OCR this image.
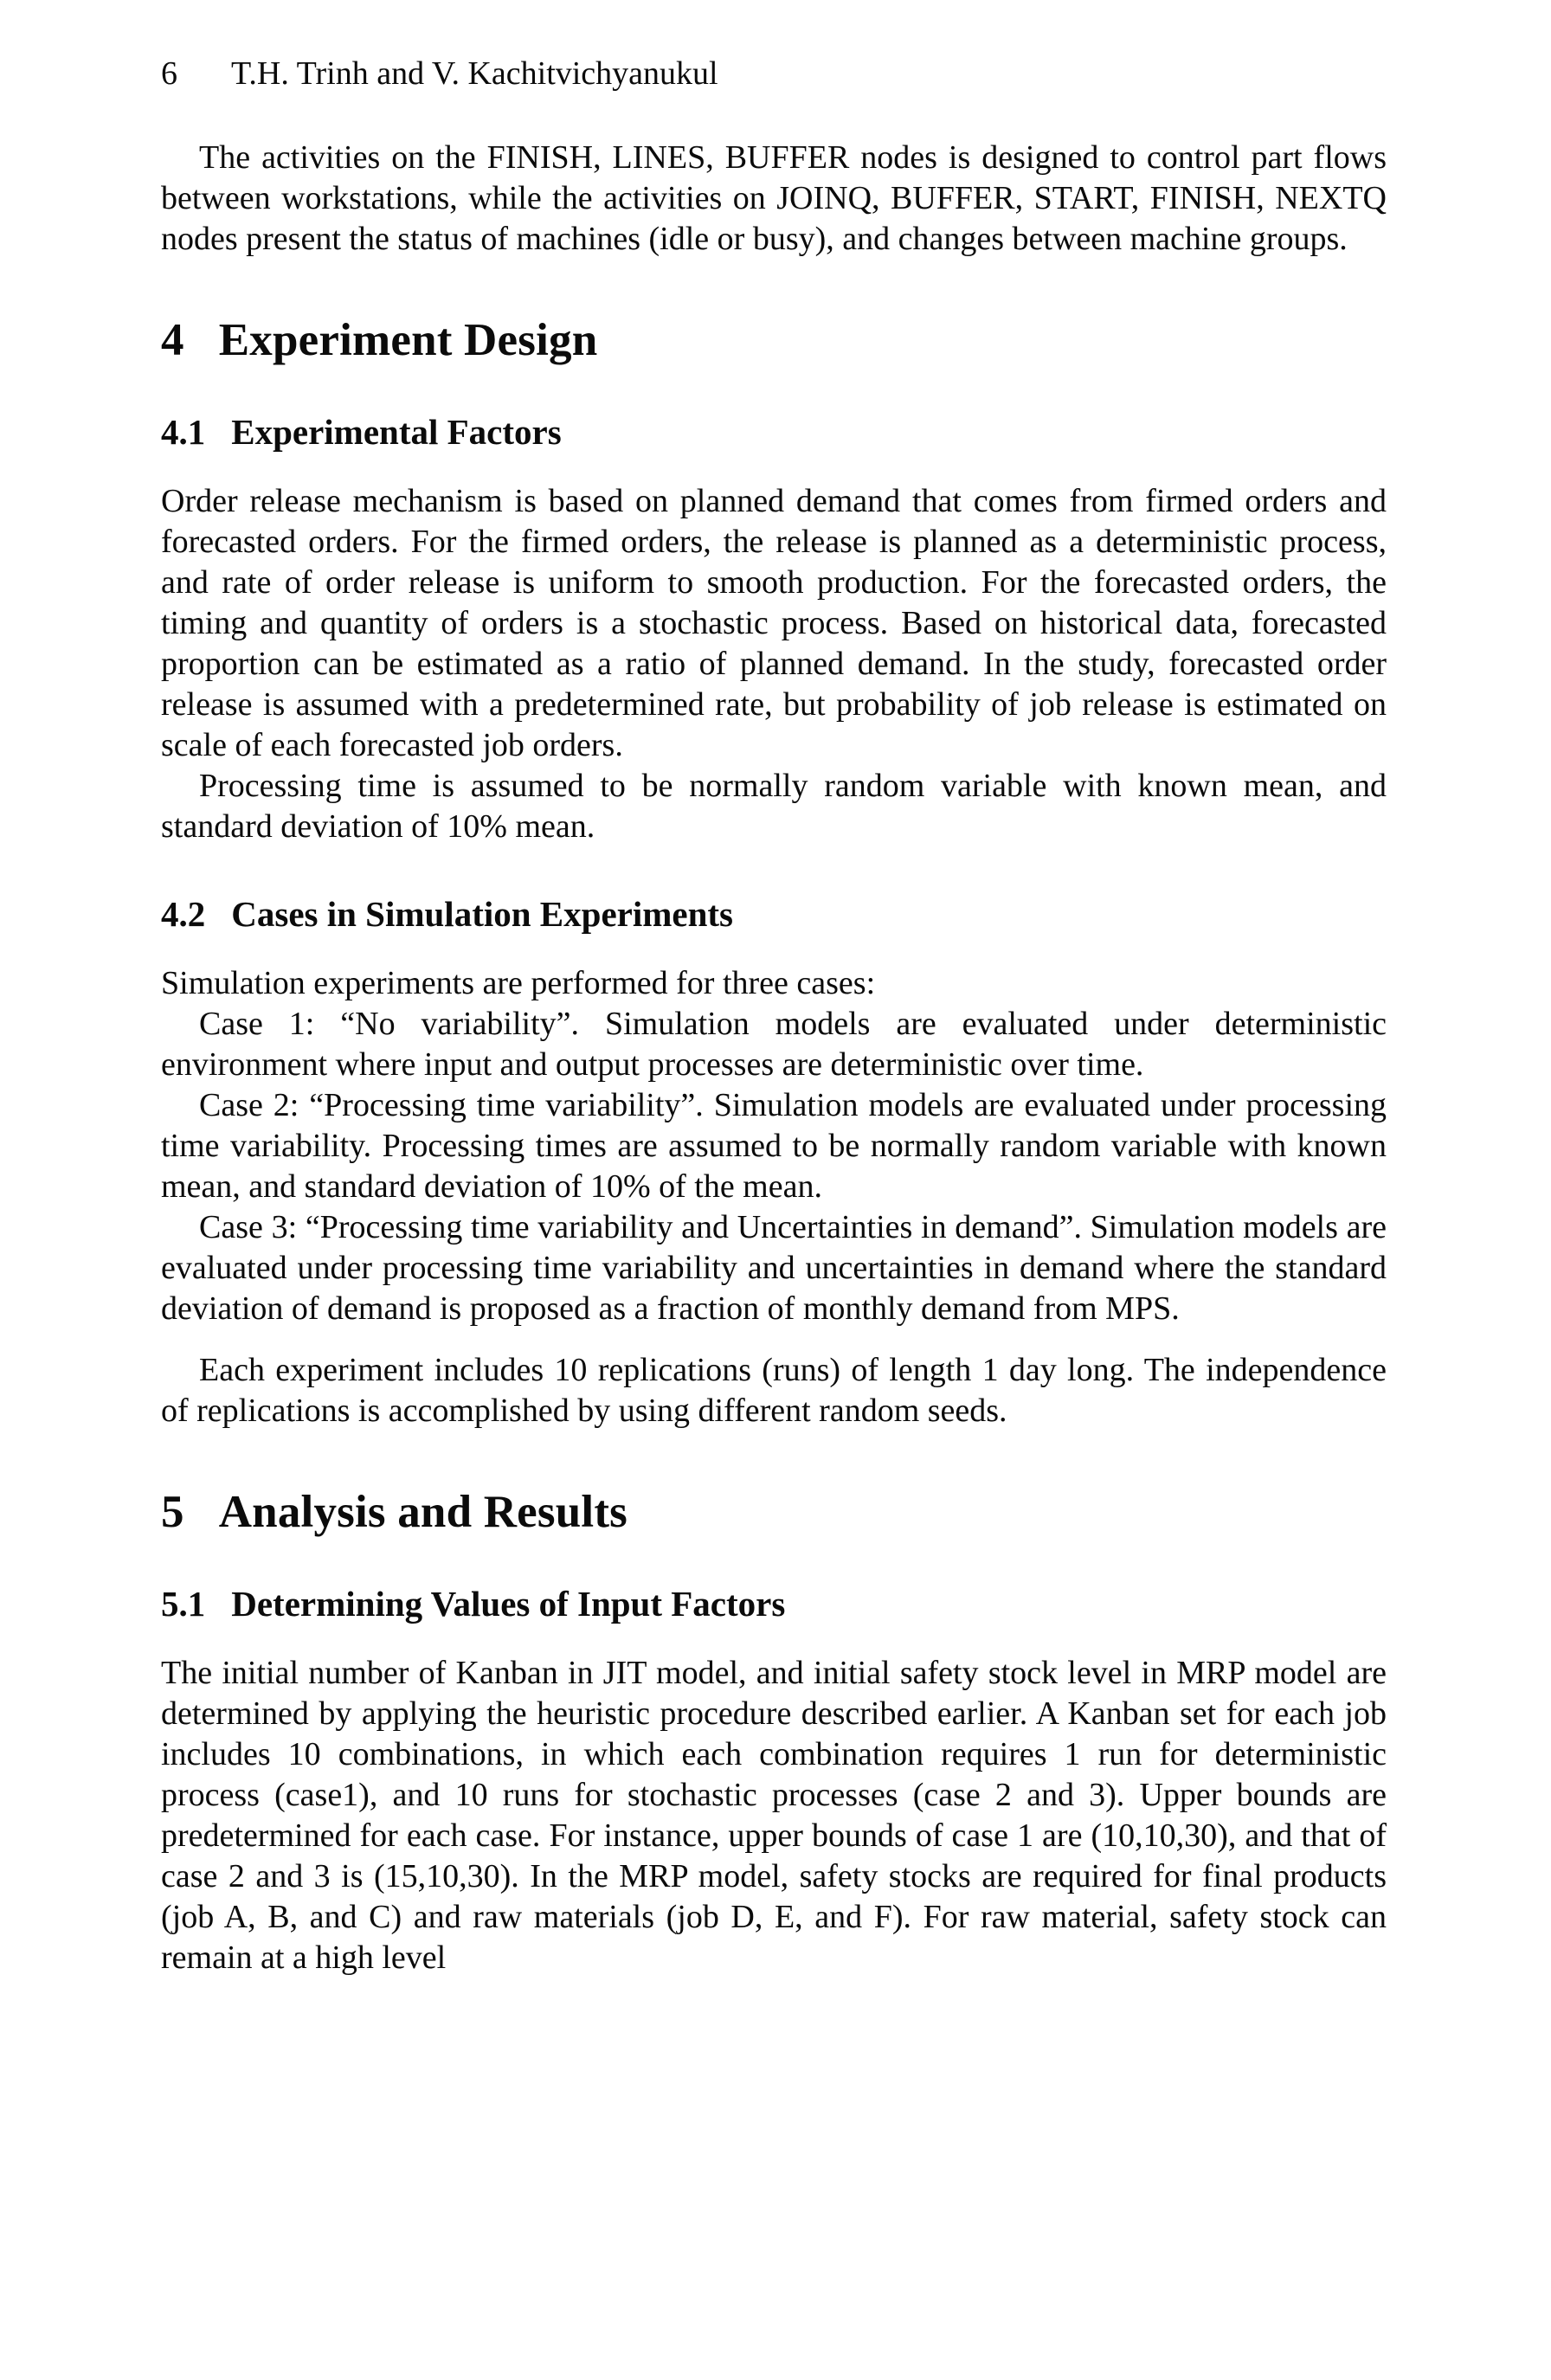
6 T.H. Trinh and V. Kachitvichyanukul

The activities on the FINISH, LINES, BUFFER nodes is designed to control part flows between workstations, while the activities on JOINQ, BUFFER, START, FINISH, NEXTQ nodes present the status of machines (idle or busy), and changes between machine groups.

4 Experiment Design
4.1 Experimental Factors

Order release mechanism is based on planned demand that comes from firmed orders and forecasted orders. For the firmed orders, the release is planned as a deterministic process, and rate of order release is uniform to smooth production. For the forecasted orders, the timing and quantity of orders is a stochastic process. Based on historical data, forecasted proportion can be estimated as a ratio of planned demand. In the study, forecasted order release is assumed with a predetermined rate, but probability of job release is estimated on scale of each forecasted job orders.

Processing time is assumed to be normally random variable with known mean, and standard deviation of 10% mean.

4.2 Cases in Simulation Experiments

Simulation experiments are performed for three cases:

Case 1: “No variability”. Simulation models are evaluated under deterministic environment where input and output processes are deterministic over time.

Case 2: “Processing time variability”. Simulation models are evaluated under processing time variability. Processing times are assumed to be normally random variable with known mean, and standard deviation of 10% of the mean.

Case 3: “Processing time variability and Uncertainties in demand”. Simulation models are evaluated under processing time variability and uncertainties in demand where the standard deviation of demand is proposed as a fraction of monthly demand from MPS.

Each experiment includes 10 replications (runs) of length 1 day long. The independence of replications is accomplished by using different random seeds.

5 Analysis and Results
5.1 Determining Values of Input Factors

The initial number of Kanban in JIT model, and initial safety stock level in MRP model are determined by applying the heuristic procedure described earlier. A Kanban set for each job includes 10 combinations, in which each combination requires 1 run for deterministic process (case1), and 10 runs for stochastic processes (case 2 and 3). Upper bounds are predetermined for each case. For instance, upper bounds of case 1 are (10,10,30), and that of case 2 and 3 is (15,10,30). In the MRP model, safety stocks are required for final products (job A, B, and C) and raw materials (job D, E, and F). For raw material, safety stock can remain at a high level
